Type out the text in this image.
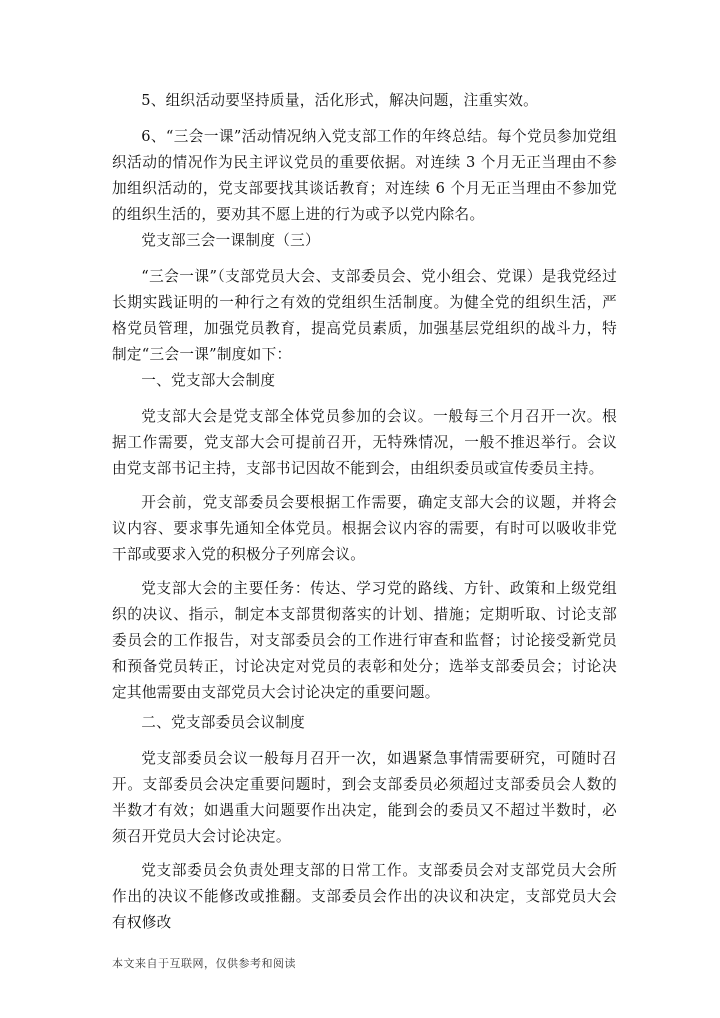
5、组织活动要坚持质量，活化形式，解决问题，注重实效。

6、“三会一课”活动情况纳入党支部工作的年终总结。每个党员参加党组织活动的情况作为民主评议党员的重要依据。对连续 3 个月无正当理由不参加组织活动的，党支部要找其谈话教育；对连续 6 个月无正当理由不参加党的组织生活的，要劝其不愿上进的行为或予以党内除名。

党支部三会一课制度（三）

“三会一课”（支部党员大会、支部委员会、党小组会、党课）是我党经过长期实践证明的一种行之有效的党组织生活制度。为健全党的组织生活，严格党员管理，加强党员教育，提高党员素质，加强基层党组织的战斗力，特制定“三会一课”制度如下：

一、党支部大会制度

党支部大会是党支部全体党员参加的会议。一般每三个月召开一次。根据工作需要，党支部大会可提前召开，无特殊情况，一般不推迟举行。会议由党支部书记主持，支部书记因故不能到会，由组织委员或宣传委员主持。

开会前，党支部委员会要根据工作需要，确定支部大会的议题，并将会议内容、要求事先通知全体党员。根据会议内容的需要，有时可以吸收非党干部或要求入党的积极分子列席会议。

党支部大会的主要任务：传达、学习党的路线、方针、政策和上级党组织的决议、指示，制定本支部贯彻落实的计划、措施；定期听取、讨论支部委员会的工作报告，对支部委员会的工作进行审查和监督；讨论接受新党员和预备党员转正，讨论决定对党员的表彰和处分；选举支部委员会；讨论决定其他需要由支部党员大会讨论决定的重要问题。

二、党支部委员会议制度

党支部委员会议一般每月召开一次，如遇紧急事情需要研究，可随时召开。支部委员会决定重要问题时，到会支部委员必须超过支部委员会人数的半数才有效；如遇重大问题要作出决定，能到会的委员又不超过半数时，必须召开党员大会讨论决定。

党支部委员会负责处理支部的日常工作。支部委员会对支部党员大会所作出的决议不能修改或推翻。支部委员会作出的决议和决定，支部党员大会有权修改

本文来自于互联网，仅供参考和阅读
